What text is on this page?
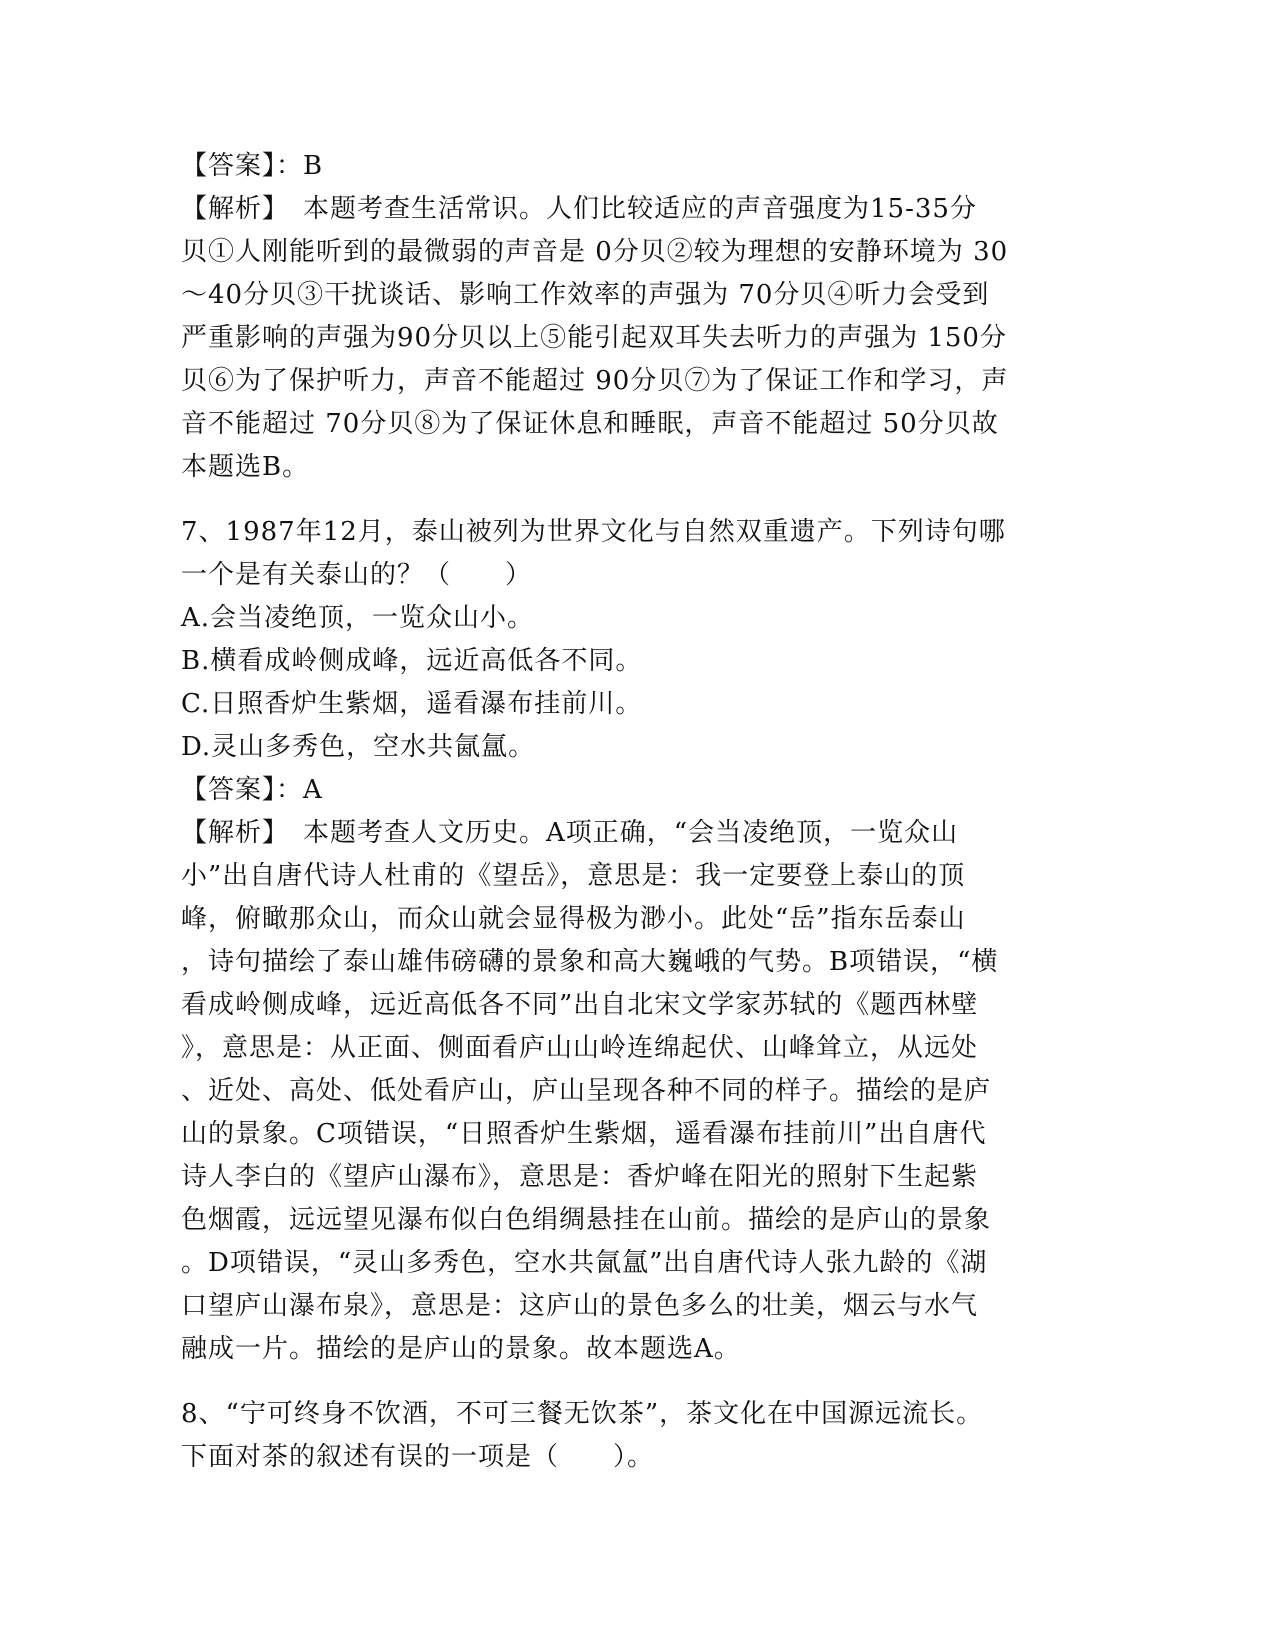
【答案】：B
【解析】　本题考查生活常识。人们比较适应的声音强度为15-35分
贝①人刚能听到的最微弱的声音是 0分贝②较为理想的安静环境为 30
～40分贝③干扰谈话、影响工作效率的声强为 70分贝④听力会受到
严重影响的声强为90分贝以上⑤能引起双耳失去听力的声强为 150分
贝⑥为了保护听力，声音不能超过 90分贝⑦为了保证工作和学习，声
音不能超过 70分贝⑧为了保证休息和睡眠，声音不能超过 50分贝故
本题选B。
7、1987年12月，泰山被列为世界文化与自然双重遗产。下列诗句哪
一个是有关泰山的？（　　）
A.会当凌绝顶，一览众山小。
B.横看成岭侧成峰，远近高低各不同。
C.日照香炉生紫烟，遥看瀑布挂前川。
D.灵山多秀色，空水共氤氲。
【答案】：A
【解析】　本题考查人文历史。A项正确，“会当凌绝顶，一览众山
小”出自唐代诗人杜甫的《望岳》，意思是：我一定要登上泰山的顶
峰，俯瞰那众山，而众山就会显得极为渺小。此处“岳”指东岳泰山
，诗句描绘了泰山雄伟磅礴的景象和高大巍峨的气势。B项错误，“横
看成岭侧成峰，远近高低各不同”出自北宋文学家苏轼的《题西林壁
》，意思是：从正面、侧面看庐山山岭连绵起伏、山峰耸立，从远处
、近处、高处、低处看庐山，庐山呈现各种不同的样子。描绘的是庐
山的景象。C项错误，“日照香炉生紫烟，遥看瀑布挂前川”出自唐代
诗人李白的《望庐山瀑布》，意思是：香炉峰在阳光的照射下生起紫
色烟霞，远远望见瀑布似白色绢绸悬挂在山前。描绘的是庐山的景象
。D项错误，“灵山多秀色，空水共氤氲”出自唐代诗人张九龄的《湖
口望庐山瀑布泉》，意思是：这庐山的景色多么的壮美，烟云与水气
融成一片。描绘的是庐山的景象。故本题选A。
8、“宁可终身不饮酒，不可三餐无饮茶”，茶文化在中国源远流长。
下面对茶的叙述有误的一项是（　　）。
